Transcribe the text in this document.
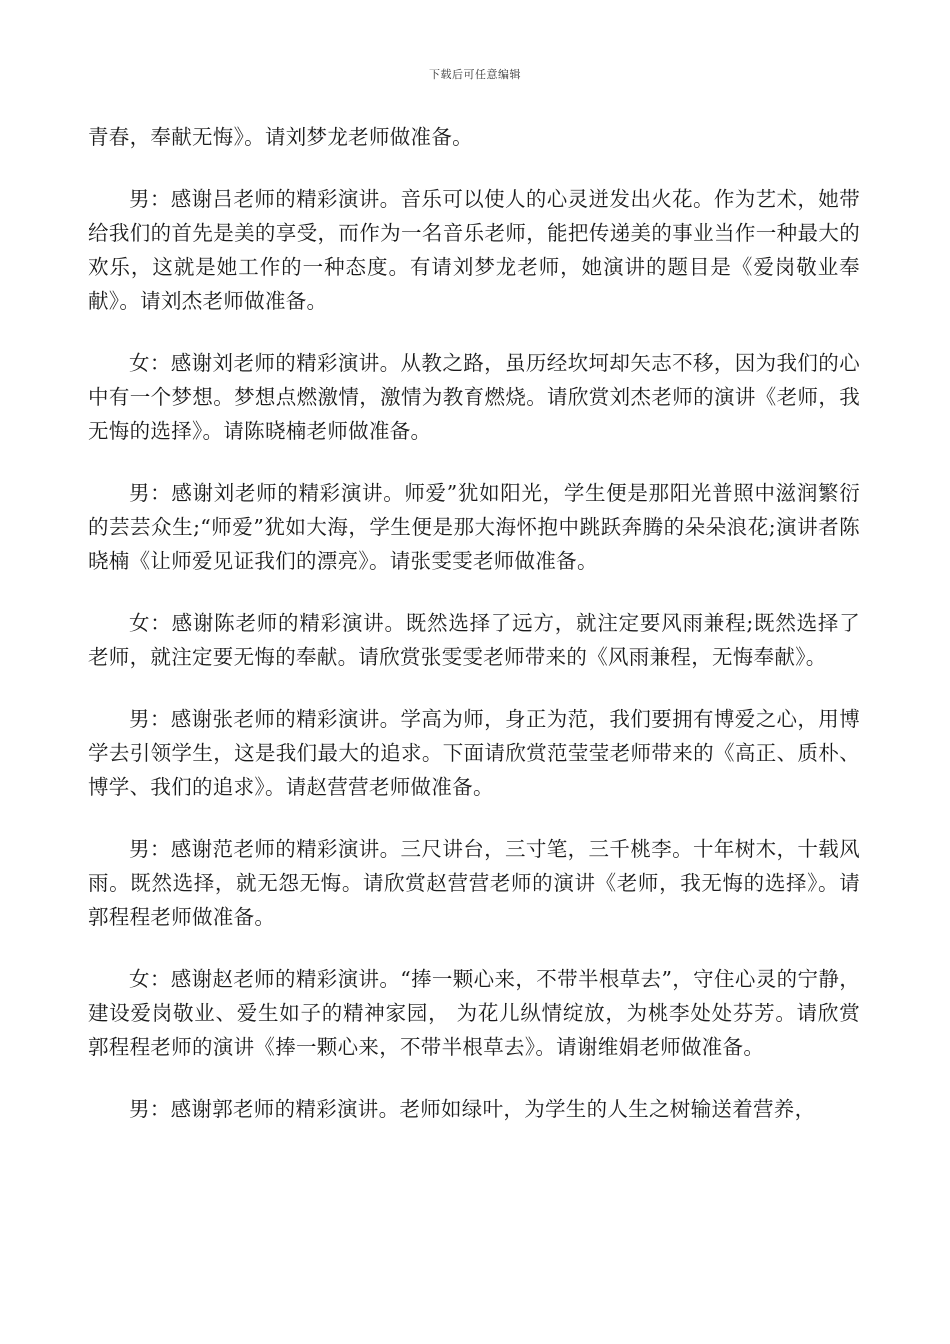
下载后可任意编辑

青春，奉献无悔》。请刘梦龙老师做准备。

男：感谢吕老师的精彩演讲。音乐可以使人的心灵迸发出火花。作为艺术，她带给我们的首先是美的享受，而作为一名音乐老师，能把传递美的事业当作一种最大的欢乐，这就是她工作的一种态度。有请刘梦龙老师，她演讲的题目是《爱岗敬业奉献》。请刘杰老师做准备。

女：感谢刘老师的精彩演讲。从教之路，虽历经坎坷却矢志不移，因为我们的心中有一个梦想。梦想点燃激情，激情为教育燃烧。请欣赏刘杰老师的演讲《老师，我无悔的选择》。请陈晓楠老师做准备。

男：感谢刘老师的精彩演讲。师爱”犹如阳光，学生便是那阳光普照中滋润繁衍的芸芸众生;“师爱”犹如大海，学生便是那大海怀抱中跳跃奔腾的朵朵浪花;演讲者陈晓楠《让师爱见证我们的漂亮》。请张雯雯老师做准备。

女：感谢陈老师的精彩演讲。既然选择了远方，就注定要风雨兼程;既然选择了老师，就注定要无悔的奉献。请欣赏张雯雯老师带来的《风雨兼程，无悔奉献》。

男：感谢张老师的精彩演讲。学高为师，身正为范，我们要拥有博爱之心，用博学去引领学生，这是我们最大的追求。下面请欣赏范莹莹老师带来的《高正、质朴、博学、我们的追求》。请赵营营老师做准备。

男：感谢范老师的精彩演讲。三尺讲台，三寸笔，三千桃李。十年树木，十载风雨。既然选择，就无怨无悔。请欣赏赵营营老师的演讲《老师，我无悔的选择》。请郭程程老师做准备。

女：感谢赵老师的精彩演讲。“捧一颗心来，不带半根草去”，守住心灵的宁静，建设爱岗敬业、爱生如子的精神家园， 为花儿纵情绽放，为桃李处处芬芳。请欣赏郭程程老师的演讲《捧一颗心来，不带半根草去》。请谢维娟老师做准备。

男：感谢郭老师的精彩演讲。老师如绿叶，为学生的人生之树输送着营养，
